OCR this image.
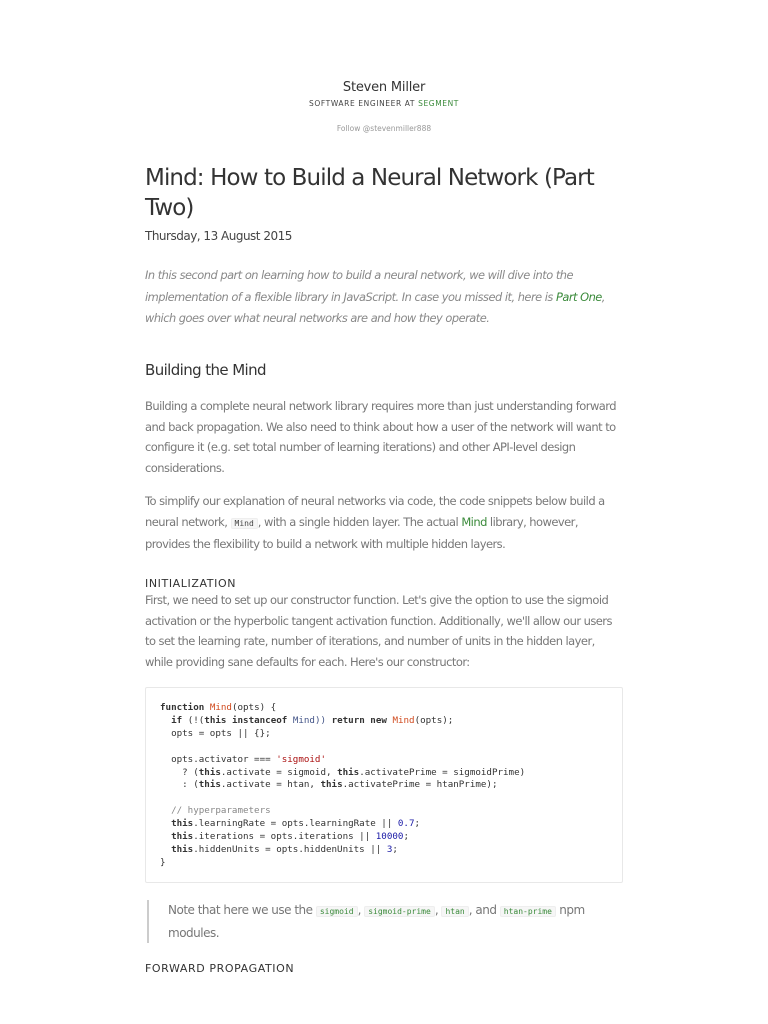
Steven Miller
SOFTWARE ENGINEER AT SEGMENT
Follow @stevenmiller888
Mind: How to Build a Neural Network (Part Two)
Thursday, 13 August 2015

In this second part on learning how to build a neural network, we will dive into the implementation of a flexible library in JavaScript. In case you missed it, here is Part One, which goes over what neural networks are and how they operate.

Building the Mind

Building a complete neural network library requires more than just understanding forward and back propagation. We also need to think about how a user of the network will want to configure it (e.g. set total number of learning iterations) and other API-level design considerations.

To simplify our explanation of neural networks via code, the code snippets below build a neural network, Mind , with a single hidden layer. The actual Mind library, however, provides the flexibility to build a network with multiple hidden layers.

INITIALIZATION

First, we need to set up our constructor function. Let's give the option to use the sigmoid activation or the hyperbolic tangent activation function. Additionally, we'll allow our users to set the learning rate, number of iterations, and number of units in the hidden layer, while providing sane defaults for each. Here's our constructor:

function Mind(opts) {
if (!(this instanceof Mind)) return new Mind(opts);
opts = opts || {};

opts.activator === 'sigmoid'
? (this.activate = sigmoid, this.activatePrime = sigmoidPrime)
: (this.activate = htan, this.activatePrime = htanPrime);

// hyperparameters
this.learningRate = opts.learningRate || 0.7;
this.iterations = opts.iterations || 10000;
this.hiddenUnits = opts.hiddenUnits || 3;
}

Note that here we use the sigmoid , sigmoid-prime , htan , and htan-prime npm modules.

FORWARD PROPAGATION
